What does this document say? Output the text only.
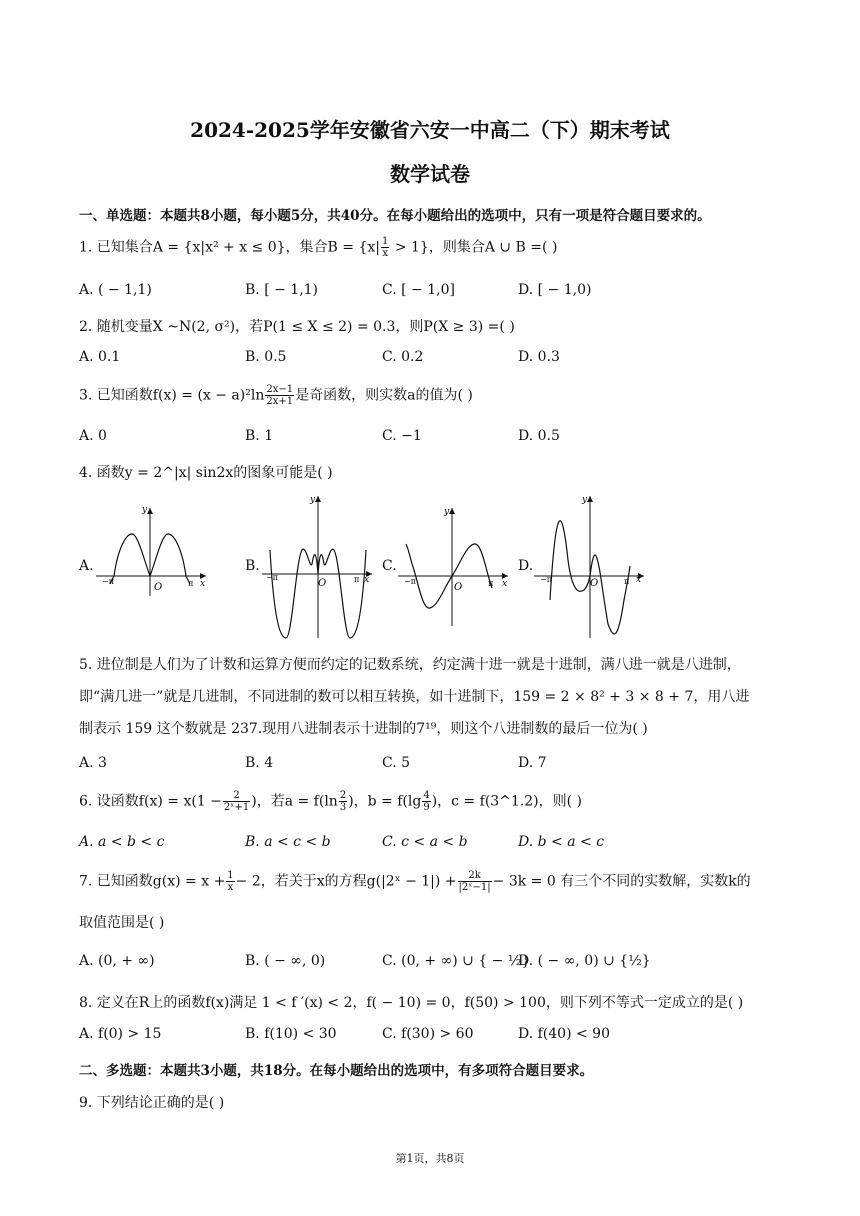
2024-2025学年安徽省六安一中高二（下）期末考试
数学试卷
一、单选题：本题共8小题，每小题5分，共40分。在每小题给出的选项中，只有一项是符合题目要求的。
1. 已知集合A = {x|x² + x ≤ 0}，集合$B = \{x| \frac{1}{x} > 1\}$，则集合A ∪ B =( )
A. ( − 1,1)	B. [ − 1,1)	C. [ − 1,0]	D. [ − 1,0)
2. 随机变量X ~N(2, σ²)，若P(1 ≤ X ≤ 2) = 0.3，则P(X ≥ 3) =( )
A. 0.1	B. 0.5	C. 0.2	D. 0.3
3. 已知函数$f(x) = (x - a)^2\ln \frac{2x-1}{2x+1}$ 是奇函数，则实数a的值为( )
A. 0	B. 1	C. −1	D. 0.5
4. 函数y = 2^|x| sin2x的图象可能是( )
A.	B.	C.	D.
y
x
O
−π	π
y
x
O
−π	π
y
x
O
−π	π
y
x
O
−π	π
5. 进位制是人们为了计数和运算方便而约定的记数系统，约定满十进一就是十进制，满八进一就是八进制，
即“满几进一”就是几进制，不同进制的数可以相互转换，如十进制下，159 = 2 × 8² + 3 × 8 + 7，用八进
制表示 159 这个数就是 237.现用八进制表示十进制的7¹⁹，则这个八进制数的最后一位为( )
A. 3	B. 4	C. 5	D. 7
6. 设函数$f(x) = x(1 - \frac{2}{\text{2ˣ+1}}$ )，若$a = f(\ln \frac{2}{3}$ )，$b = f(\lg \frac{4}{9}$ )，c = f(3^1.2)，则( )
A. a < b < c	B. a < c < b	C. c < a < b	D. b < a < c
7. 已知函数$g(x) = x + \frac{1}{x} - 2$，若关于x的方程g(|2ˣ − $1|) + \frac{2k}{\text{|2ˣ−1|}} - 3k = 0$ 有三个不同的实数解，实数k的
取值范围是( )
A. (0, + ∞)	B. ( − ∞, 0)	C. (0, + ∞) ∪ { − ½}
D. ( − ∞, 0) ∪ {½}
8. 定义在R上的函数f(x)满足 1 < f ′(x) < 2，f( − 10) = 0，f(50) > 100，则下列不等式一定成立的是( )
A. f(0) > 15	B. f(10) < 30	C. f(30) > 60	D. f(40) < 90
二、多选题：本题共3小题，共18分。在每小题给出的选项中，有多项符合题目要求。
9. 下列结论正确的是( )
第1页，共8页
